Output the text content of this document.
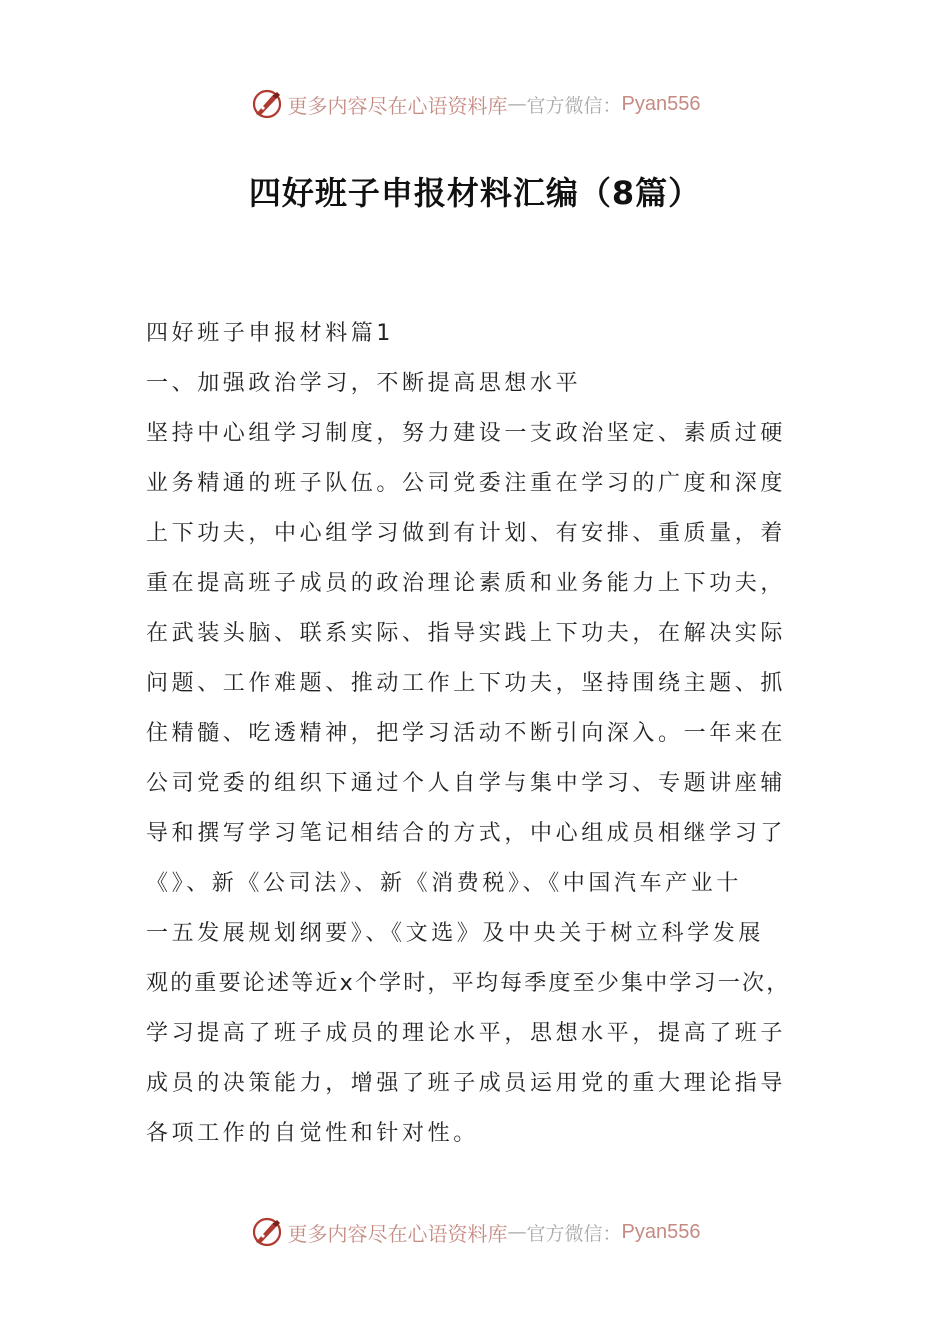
更多内容尽在心语资料库 — 官方微信： Pyan556
四好班子申报材料汇编（8篇）
四好班子申报材料篇1
一、加强政治学习，不断提高思想水平
坚持中心组学习制度，努力建设一支政治坚定、素质过硬
业务精通的班子队伍。公司党委注重在学习的广度和深度
上下功夫，中心组学习做到有计划、有安排、重质量，着
重在提高班子成员的政治理论素质和业务能力上下功夫，
在武装头脑、联系实际、指导实践上下功夫，在解决实际
问题、工作难题、推动工作上下功夫，坚持围绕主题、抓
住精髓、吃透精神，把学习活动不断引向深入。一年来在
公司党委的组织下通过个人自学与集中学习、专题讲座辅
导和撰写学习笔记相结合的方式，中心组成员相继学习了
《》、新《公司法》、新《消费税》、《中国汽车产业十
一五发展规划纲要》、《文选》及中央关于树立科学发展
观的重要论述等近x个学时，平均每季度至少集中学习一次，
学习提高了班子成员的理论水平，思想水平，提高了班子
成员的决策能力，增强了班子成员运用党的重大理论指导
各项工作的自觉性和针对性。
更多内容尽在心语资料库 — 官方微信： Pyan556
